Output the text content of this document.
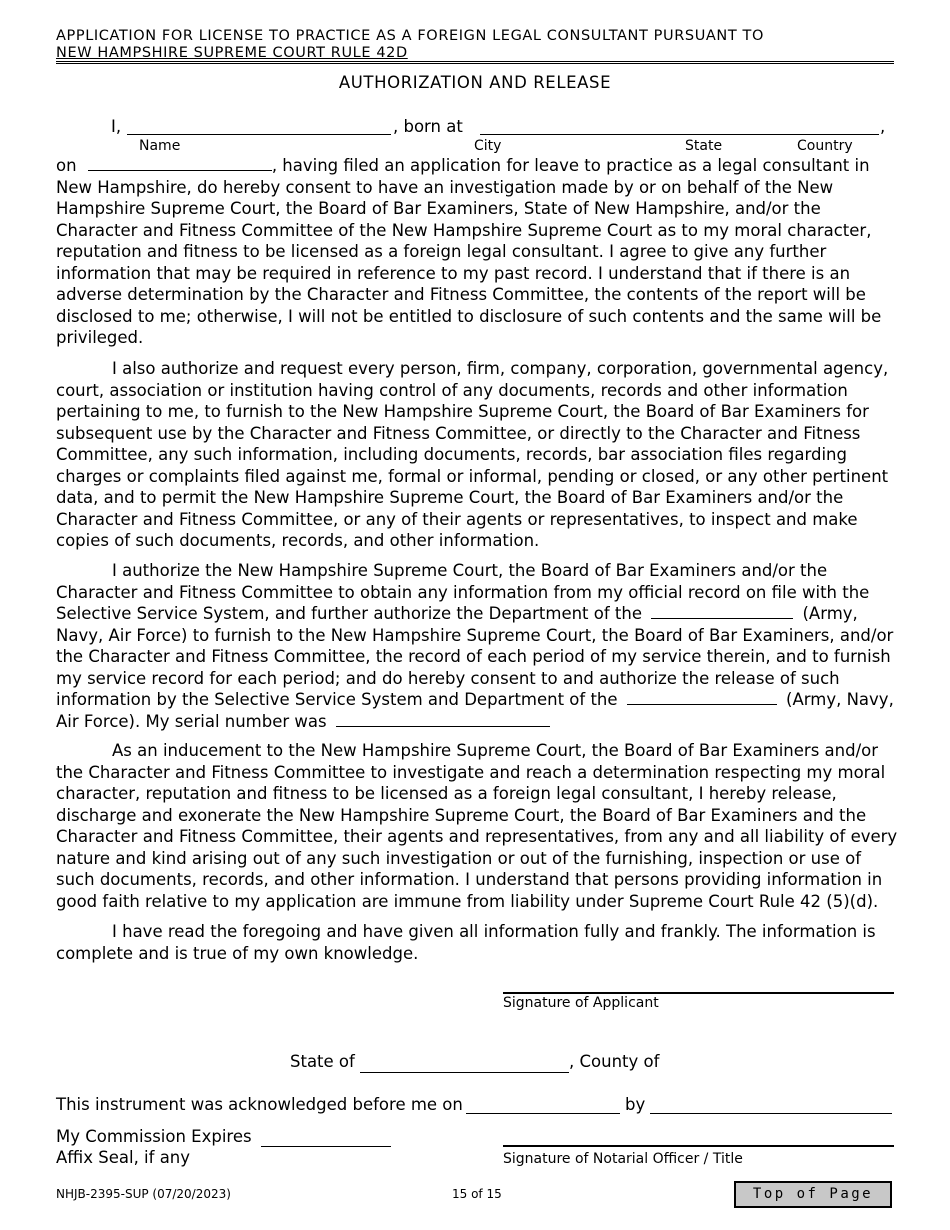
APPLICATION FOR LICENSE TO PRACTICE AS A FOREIGN LEGAL CONSULTANT PURSUANT TO
NEW HAMPSHIRE SUPREME COURT RULE 42D
AUTHORIZATION AND RELEASE
I,	, born at	,
Name	City	State	Country
on	, having filed an application for leave to practice as a legal consultant in New Hampshire, do hereby consent to have an investigation made by or on behalf of the New Hampshire Supreme Court, the Board of Bar Examiners, State of New Hampshire, and/or the Character and Fitness Committee of the New Hampshire Supreme Court as to my moral character, reputation and fitness to be licensed as a foreign legal consultant. I agree to give any further information that may be required in reference to my past record. I understand that if there is an adverse determination by the Character and Fitness Committee, the contents of the report will be disclosed to me; otherwise, I will not be entitled to disclosure of such contents and the same will be privileged.
I also authorize and request every person, firm, company, corporation, governmental agency, court, association or institution having control of any documents, records and other information pertaining to me, to furnish to the New Hampshire Supreme Court, the Board of Bar Examiners for subsequent use by the Character and Fitness Committee, or directly to the Character and Fitness Committee, any such information, including documents, records, bar association files regarding charges or complaints filed against me, formal or informal, pending or closed, or any other pertinent data, and to permit the New Hampshire Supreme Court, the Board of Bar Examiners and/or the Character and Fitness Committee, or any of their agents or representatives, to inspect and make copies of such documents, records, and other information.
I authorize the New Hampshire Supreme Court, the Board of Bar Examiners and/or the Character and Fitness Committee to obtain any information from my official record on file with the Selective Service System, and further authorize the Department of the	(Army, Navy, Air Force) to furnish to the New Hampshire Supreme Court, the Board of Bar Examiners, and/or the Character and Fitness Committee, the record of each period of my service therein, and to furnish my service record for each period; and do hereby consent to and authorize the release of such information by the Selective Service System and Department of the	(Army, Navy, Air Force). My serial number was
As an inducement to the New Hampshire Supreme Court, the Board of Bar Examiners and/or the Character and Fitness Committee to investigate and reach a determination respecting my moral character, reputation and fitness to be licensed as a foreign legal consultant, I hereby release, discharge and exonerate the New Hampshire Supreme Court, the Board of Bar Examiners and the Character and Fitness Committee, their agents and representatives, from any and all liability of every nature and kind arising out of any such investigation or out of the furnishing, inspection or use of such documents, records, and other information. I understand that persons providing information in good faith relative to my application are immune from liability under Supreme Court Rule 42 (5)(d).
I have read the foregoing and have given all information fully and frankly. The information is complete and is true of my own knowledge.
Signature of Applicant
State of	, County of
This instrument was acknowledged before me on	by
My Commission Expires
Affix Seal, if any	Signature of Notarial Officer / Title
NHJB-2395-SUP (07/20/2023)	15 of 15	Top of Page
